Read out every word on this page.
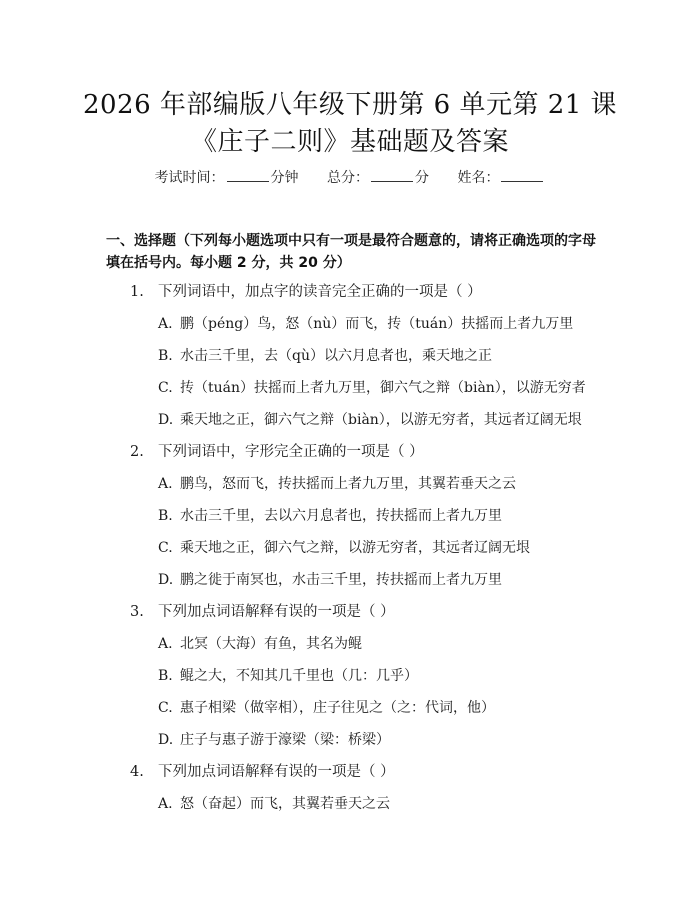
2026 年部编版八年级下册第 6 单元第 21 课
《庄子二则》基础题及答案
考试时间：	分钟 总分：	分 姓名：
一、选择题（下列每小题选项中只有一项是最符合题意的，请将正确选项的字母填在括号内。每小题 2 分，共 20 分）
1. 下列词语中，加点字的读音完全正确的一项是（ ）
A. 鹏（péng）鸟，怒（nù）而飞，抟（tuán）扶摇而上者九万里
B. 水击三千里，去（qù）以六月息者也，乘天地之正
C. 抟（tuán）扶摇而上者九万里，御六气之辩（biàn），以游无穷者
D. 乘天地之正，御六气之辩（biàn），以游无穷者，其远者辽阔无垠
2. 下列词语中，字形完全正确的一项是（ ）
A. 鹏鸟，怒而飞，抟扶摇而上者九万里，其翼若垂天之云
B. 水击三千里，去以六月息者也，抟扶摇而上者九万里
C. 乘天地之正，御六气之辩，以游无穷者，其远者辽阔无垠
D. 鹏之徙于南冥也，水击三千里，抟扶摇而上者九万里
3. 下列加点词语解释有误的一项是（ ）
A. 北冥（大海）有鱼，其名为鲲
B. 鲲之大，不知其几千里也（几：几乎）
C. 惠子相梁（做宰相），庄子往见之（之：代词，他）
D. 庄子与惠子游于濠梁（梁：桥梁）
4. 下列加点词语解释有误的一项是（ ）
A. 怒（奋起）而飞，其翼若垂天之云
